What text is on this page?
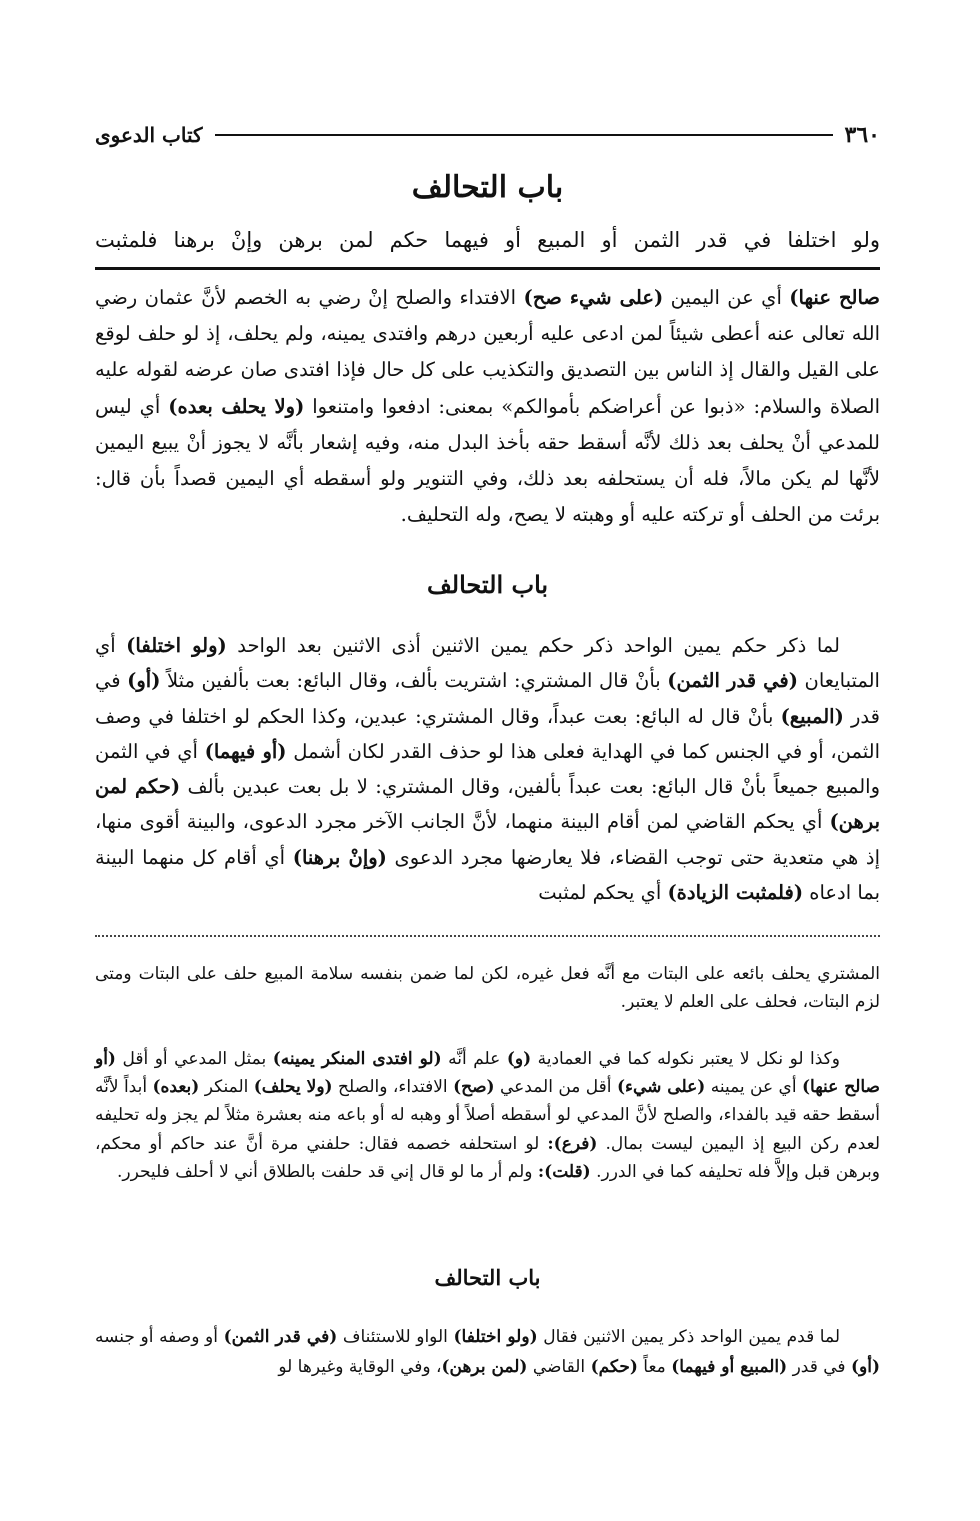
٣٦٠
كتاب الدعوى
باب التحالف
ولو اختلفا في قدر الثمن أو المبيع أو فيهما حكم لمن برهن وإنْ برهنا فلمثبت
صالح عنها) أي عن اليمين (على شيء صح) الافتداء والصلح إنْ رضي به الخصم لأنَّ عثمان رضي الله تعالى عنه أعطى شيئاً لمن ادعى عليه أربعين درهم وافتدى يمينه، ولم يحلف، إذ لو حلف لوقع على القيل والقال إذ الناس بين التصديق والتكذيب على كل حال فإذا افتدى صان عرضه لقوله عليه الصلاة والسلام: «ذبوا عن أعراضكم بأموالكم» بمعنى: ادفعوا وامتنعوا (ولا يحلف بعده) أي ليس للمدعي أنْ يحلف بعد ذلك لأنَّه أسقط حقه بأخذ البدل منه، وفيه إشعار بأنَّه لا يجوز أنْ يبيع اليمين لأنَّها لم يكن مالاً، فله أن يستحلفه بعد ذلك، وفي التنوير ولو أسقطه أي اليمين قصداً بأن قال: برئت من الحلف أو تركته عليه أو وهبته لا يصح، وله التحليف.
باب التحالف
لما ذكر حكم يمين الواحد ذكر حكم يمين الاثنين أذى الاثنين بعد الواحد (ولو اختلفا) أي المتبايعان (في قدر الثمن) بأنْ قال المشتري: اشتريت بألف، وقال البائع: بعت بألفين مثلاً (أو) في قدر (المبيع) بأنْ قال له البائع: بعت عبداً، وقال المشتري: عبدين، وكذا الحكم لو اختلفا في وصف الثمن، أو في الجنس كما في الهداية فعلى هذا لو حذف القدر لكان أشمل (أو فيهما) أي في الثمن والمبيع جميعاً بأنْ قال البائع: بعت عبداً بألفين، وقال المشتري: لا بل بعت عبدين بألف (حكم لمن برهن) أي يحكم القاضي لمن أقام البينة منهما، لأنَّ الجانب الآخر مجرد الدعوى، والبينة أقوى منها، إذ هي متعدية حتى توجب القضاء، فلا يعارضها مجرد الدعوى (وإنْ برهنا) أي أقام كل منهما البينة بما ادعاه (فلمثبت الزيادة) أي يحكم لمثبت
المشتري يحلف بائعه على البتات مع أنَّه فعل غيره، لكن لما ضمن بنفسه سلامة المبيع حلف على البتات ومتى لزم البتات، فحلف على العلم لا يعتبر.
وكذا لو نكل لا يعتبر نكوله كما في العمادية (و) علم أنَّه (لو افتدى المنكر يمينه) بمثل المدعي أو أقل (أو صالح عنها) أي عن يمينه (على شيء) أقل من المدعي (صح) الافتداء، والصلح (ولا يحلف) المنكر (بعده) أبداً لأنَّه أسقط حقه قيد بالفداء، والصلح لأنَّ المدعي لو أسقطه أصلاً أو وهبه له أو باعه منه بعشرة مثلاً لم يجز وله تحليفه لعدم ركن البيع إذ اليمين ليست بمال. (فرع): لو استحلفه خصمه فقال: حلفني مرة أنَّ عند حاكم أو محكم، وبرهن قبل وإلاَّ فله تحليفه كما في الدرر. (قلت): ولم أر ما لو قال إني قد حلفت بالطلاق أني لا أحلف فليحرر.
باب التحالف
لما قدم يمين الواحد ذكر يمين الاثنين فقال (ولو اختلفا) الواو للاستئناف (في قدر الثمن) أو وصفه أو جنسه (أو) في قدر (المبيع أو فيهما) معاً (حكم) القاضي (لمن برهن)، وفي الوقاية وغيرها لو
